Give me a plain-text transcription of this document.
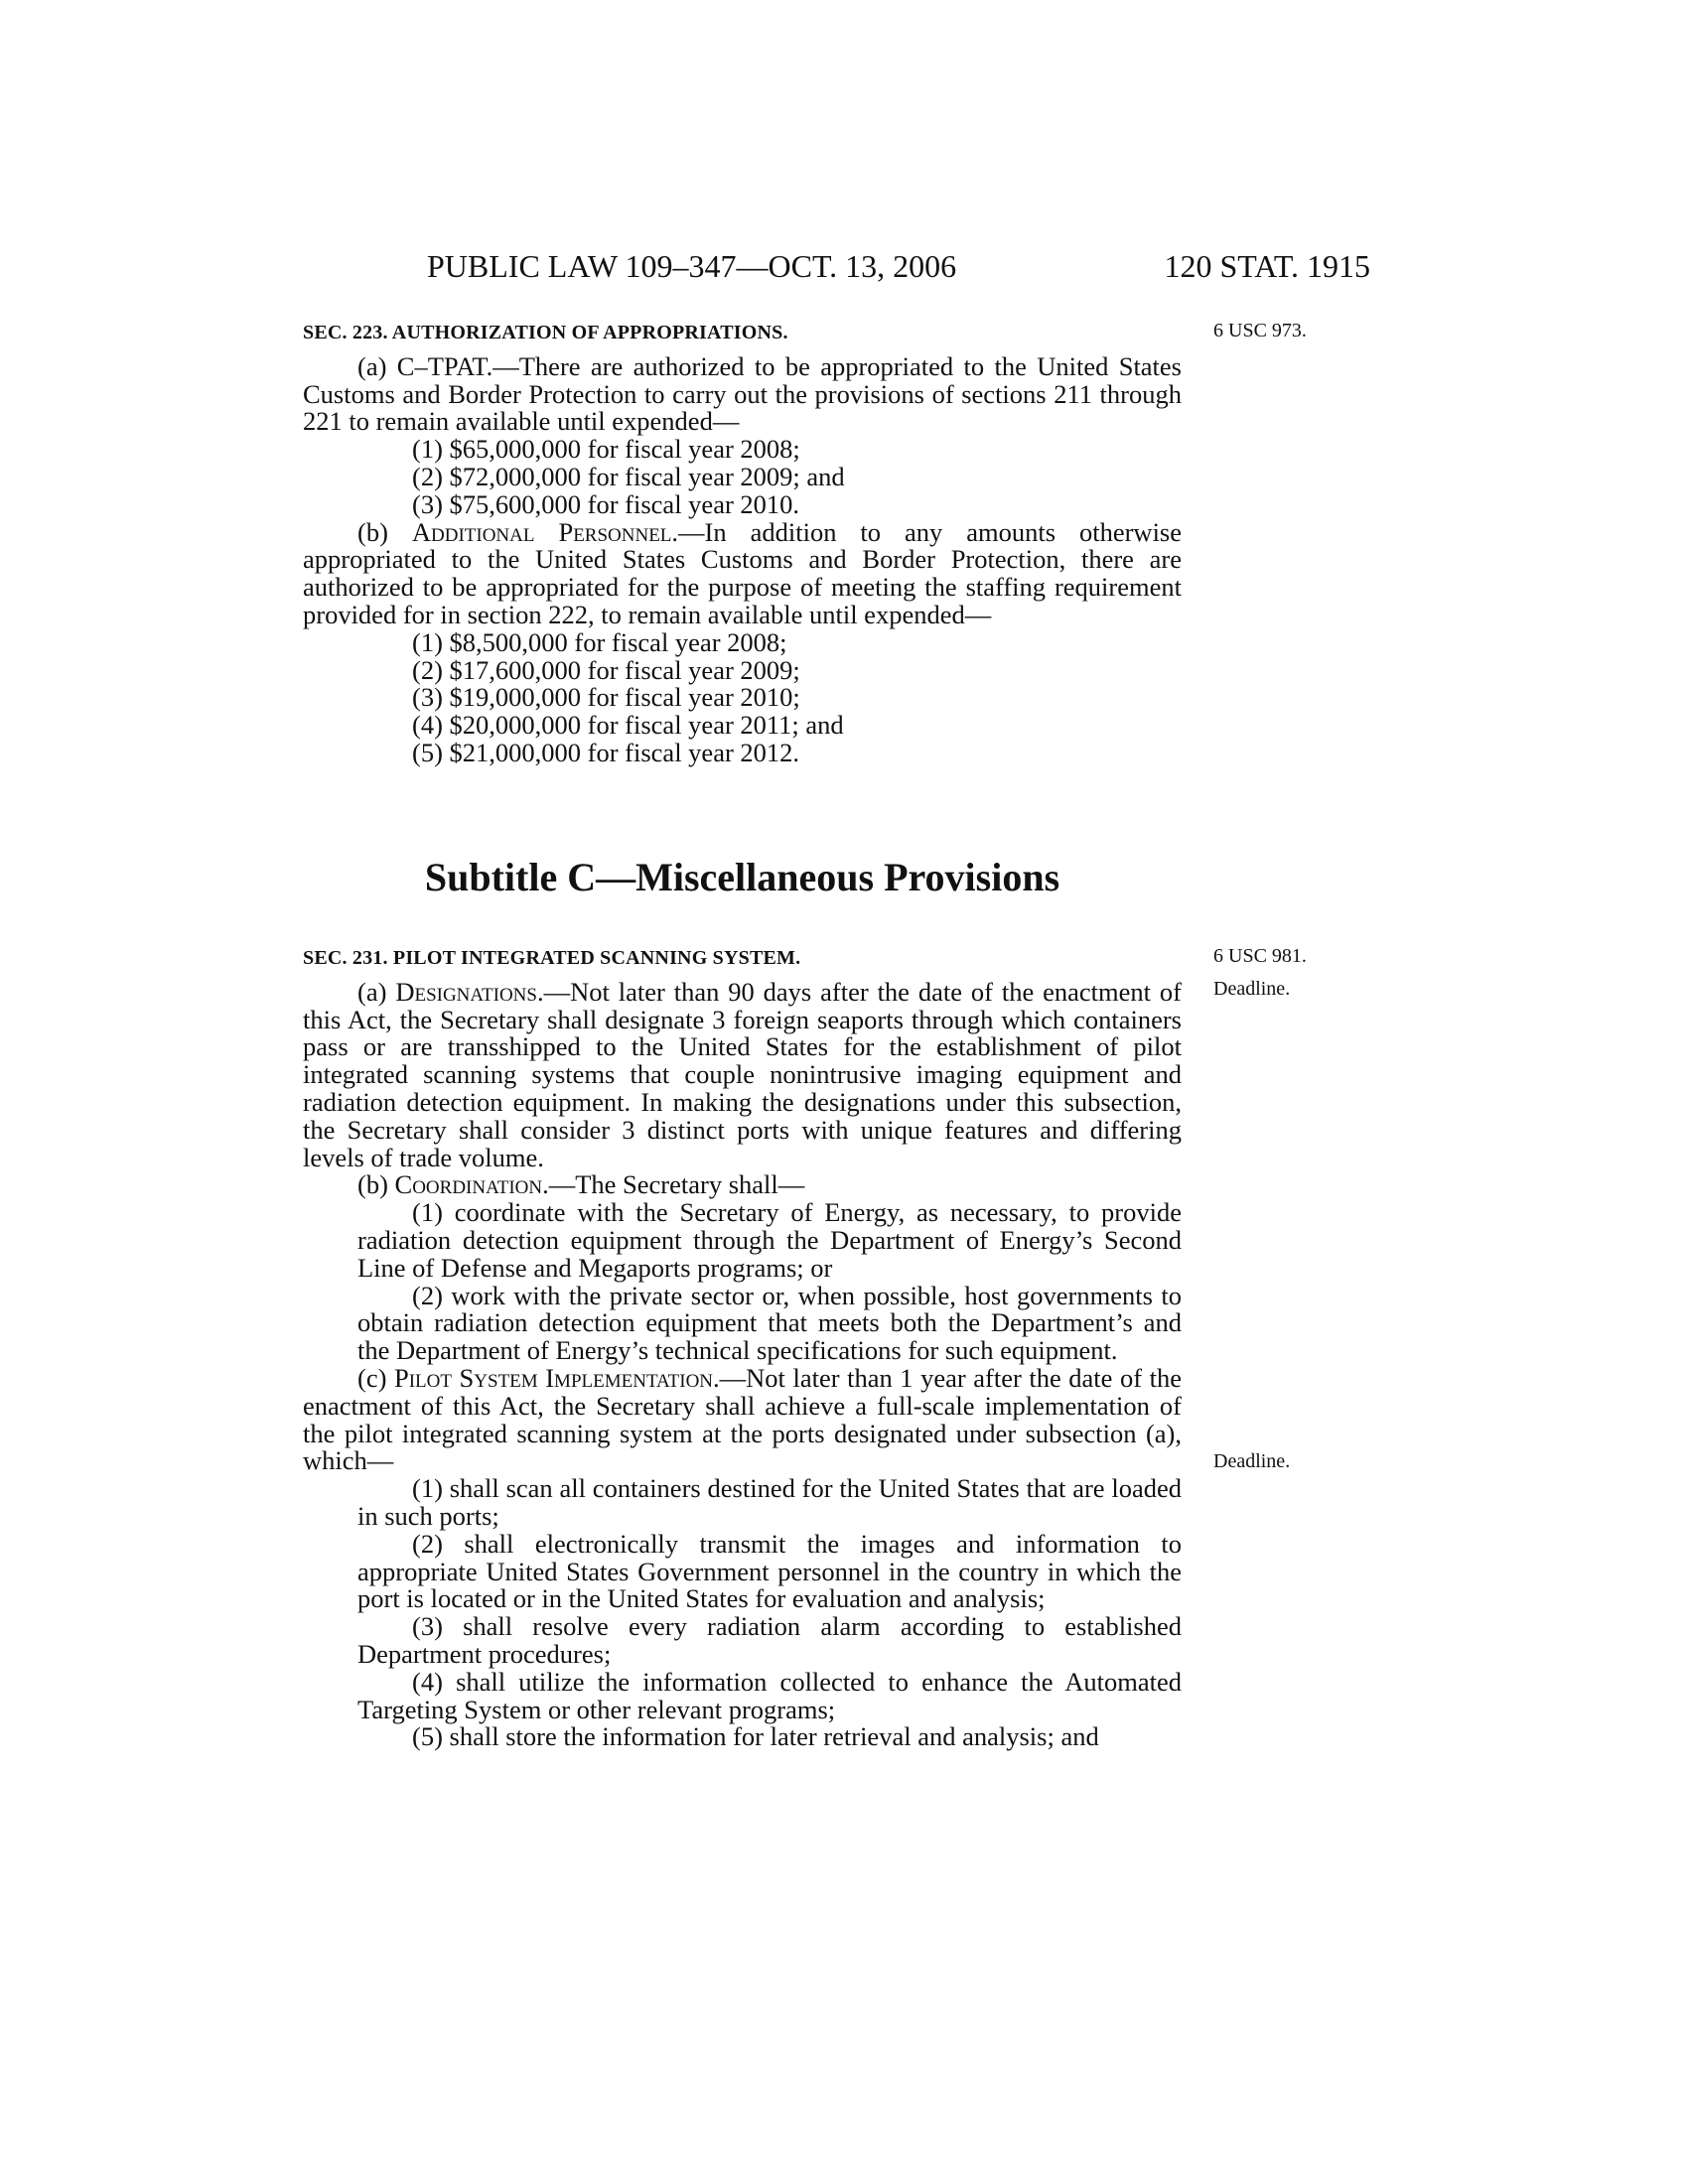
PUBLIC LAW 109–347—OCT. 13, 2006	120 STAT. 1915
6 USC 973.
SEC. 223. AUTHORIZATION OF APPROPRIATIONS.

(a) C–TPAT.—There are authorized to be appropriated to the United States Customs and Border Protection to carry out the provisions of sections 211 through 221 to remain available until expended—

(1) $65,000,000 for fiscal year 2008;

(2) $72,000,000 for fiscal year 2009; and

(3) $75,600,000 for fiscal year 2010.

(b) Additional Personnel.—In addition to any amounts otherwise appropriated to the United States Customs and Border Protection, there are authorized to be appropriated for the purpose of meeting the staffing requirement provided for in section 222, to remain available until expended—

(1) $8,500,000 for fiscal year 2008;

(2) $17,600,000 for fiscal year 2009;

(3) $19,000,000 for fiscal year 2010;

(4) $20,000,000 for fiscal year 2011; and

(5) $21,000,000 for fiscal year 2012.

Subtitle C—Miscellaneous Provisions
6 USC 981.
Deadline.
Deadline.
SEC. 231. PILOT INTEGRATED SCANNING SYSTEM.

(a) Designations.—Not later than 90 days after the date of the enactment of this Act, the Secretary shall designate 3 foreign seaports through which containers pass or are transshipped to the United States for the establishment of pilot integrated scanning systems that couple nonintrusive imaging equipment and radiation detection equipment. In making the designations under this subsection, the Secretary shall consider 3 distinct ports with unique features and differing levels of trade volume.

(b) Coordination.—The Secretary shall—

(1) coordinate with the Secretary of Energy, as necessary, to provide radiation detection equipment through the Department of Energy’s Second Line of Defense and Megaports programs; or

(2) work with the private sector or, when possible, host governments to obtain radiation detection equipment that meets both the Department’s and the Department of Energy’s technical specifications for such equipment.

(c) Pilot System Implementation.—Not later than 1 year after the date of the enactment of this Act, the Secretary shall achieve a full-scale implementation of the pilot integrated scanning system at the ports designated under subsection (a), which—

(1) shall scan all containers destined for the United States that are loaded in such ports;

(2) shall electronically transmit the images and information to appropriate United States Government personnel in the country in which the port is located or in the United States for evaluation and analysis;

(3) shall resolve every radiation alarm according to established Department procedures;

(4) shall utilize the information collected to enhance the Automated Targeting System or other relevant programs;

(5) shall store the information for later retrieval and analysis; and
